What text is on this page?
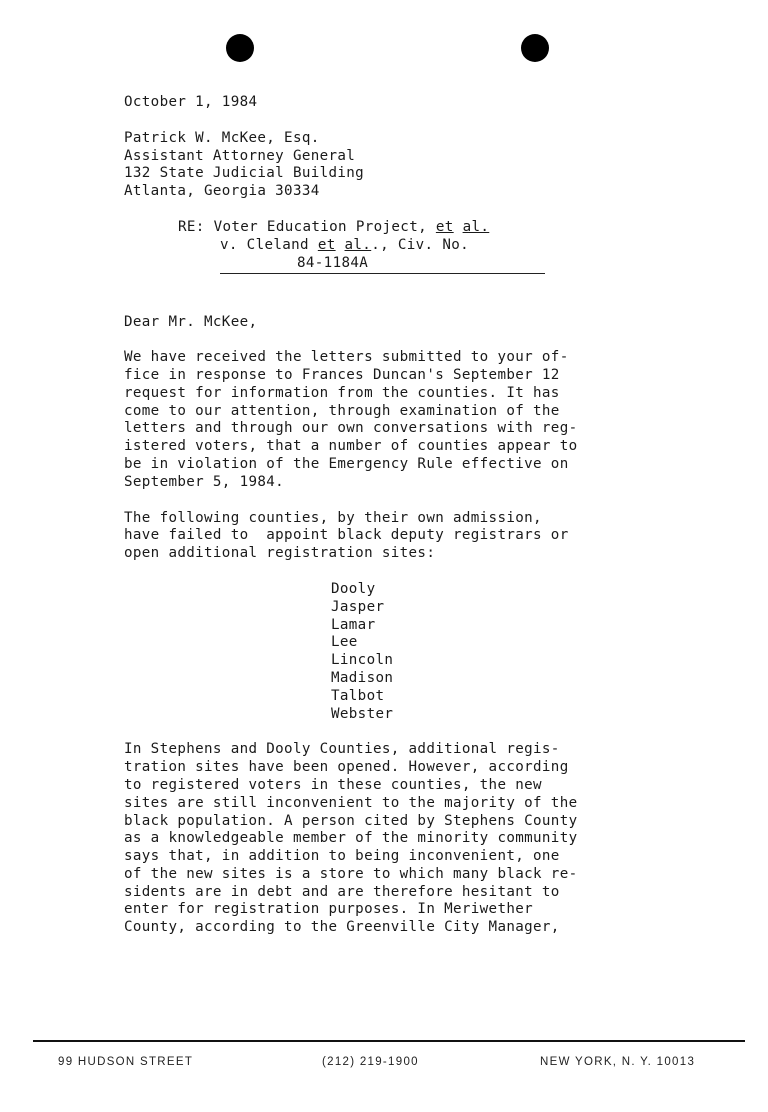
October 1, 1984

Patrick W. McKee, Esq.

Assistant Attorney General

132 State Judicial Building

Atlanta, Georgia 30334

RE: Voter Education Project, et al.

v. Cleland et al.., Civ. No.

84-1184A

Dear Mr. McKee,

We have received the letters submitted to your of-

fice in response to Frances Duncan's September 12

request for information from the counties. It has

come to our attention, through examination of the

letters and through our own conversations with reg-

istered voters, that a number of counties appear to

be in violation of the Emergency Rule effective on

September 5, 1984.

The following counties, by their own admission,

have failed to  appoint black deputy registrars or

open additional registration sites:

Dooly

Jasper

Lamar

Lee

Lincoln

Madison

Talbot

Webster

In Stephens and Dooly Counties, additional regis-

tration sites have been opened. However, according

to registered voters in these counties, the new

sites are still inconvenient to the majority of the

black population. A person cited by Stephens County

as a knowledgeable member of the minority community

says that, in addition to being inconvenient, one

of the new sites is a store to which many black re-

sidents are in debt and are therefore hesitant to

enter for registration purposes. In Meriwether

County, according to the Greenville City Manager,

99 HUDSON STREET	(212) 219-1900	NEW YORK, N. Y. 10013
